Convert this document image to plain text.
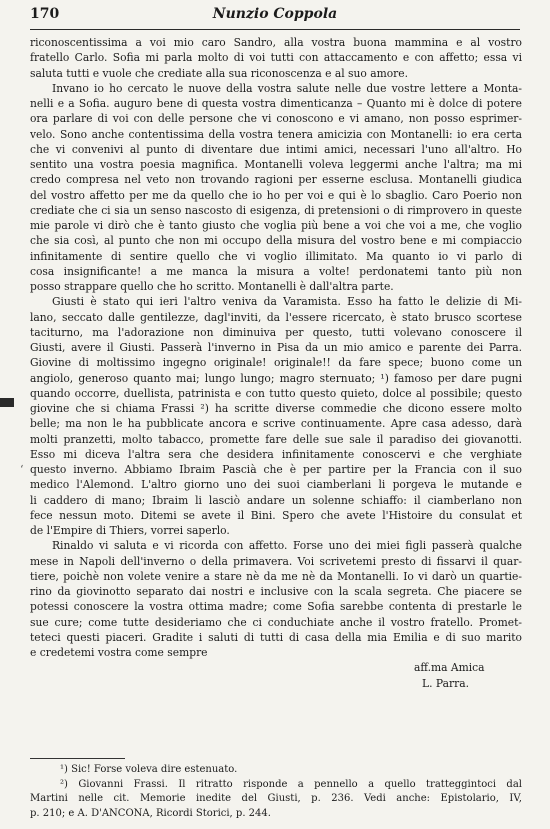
170	Nunzio Coppola
ʻ
riconoscentissima a voi mio caro Sandro, alla vostra buona mammina e al vostro
fratello Carlo. Sofia mi parla molto di voi tutti con attaccamento e con affetto; essa vi
saluta tutti e vuole che crediate alla sua riconoscenza e al suo amore.
Invano io ho cercato le nuove della vostra salute nelle due vostre lettere a Monta-
nelli e a Sofia. auguro bene di questa vostra dimenticanza – Quanto mi è dolce di potere
ora parlare di voi con delle persone che vi conoscono e vi amano, non posso esprimer-
velo. Sono anche contentissima della vostra tenera amicizia con Montanelli: io era certa
che vi convenivi al punto di diventare due intimi amici, necessari l'uno all'altro. Ho
sentito una vostra poesia magnifica. Montanelli voleva leggermi anche l'altra; ma mi
credo compresa nel veto non trovando ragioni per esserne esclusa. Montanelli giudica
del vostro affetto per me da quello che io ho per voi e qui è lo sbaglio. Caro Poerio non
crediate che ci sia un senso nascosto di esigenza, di pretensioni o di rimprovero in queste
mie parole vi dirò che è tanto giusto che voglia più bene a voi che voi a me, che voglio
che sia così, al punto che non mi occupo della misura del vostro bene e mi compiaccio
infinitamente di sentire quello che vi voglio illimitato. Ma quanto io vi parlo di
cosa insignificante! a me manca la misura a volte! perdonatemi tanto più non
posso strappare quello che ho scritto. Montanelli è dall'altra parte.
Giusti è stato qui ieri l'altro veniva da Varamista. Esso ha fatto le delizie di Mi-
lano, seccato dalle gentilezze, dagl'inviti, da l'essere ricercato, è stato brusco scortese
taciturno, ma l'adorazione non diminuiva per questo, tutti volevano conoscere il
Giusti, avere il Giusti. Passerà l'inverno in Pisa da un mio amico e parente dei Parra.
Giovine di moltissimo ingegno originale! originale!! da fare spece; buono come un
angiolo, generoso quanto mai; lungo lungo; magro sternuato; ¹) famoso per dare pugni
quando occorre, duellista, patrinista e con tutto questo quieto, dolce al possibile; questo
giovine che si chiama Frassi ²) ha scritte diverse commedie che dicono essere molto
belle; ma non le ha pubblicate ancora e scrive continuamente. Apre casa adesso, darà
molti pranzetti, molto tabacco, promette fare delle sue sale il paradiso dei giovanotti.
Esso mi diceva l'altra sera che desidera infinitamente conoscervi e che verghiate
questo inverno. Abbiamo Ibraim Pascià che è per partire per la Francia con il suo
medico l'Alemond. L'altro giorno uno dei suoi ciamberlani li porgeva le mutande e
li caddero di mano; Ibraim li lasciò andare un solenne schiaffo: il ciamberlano non
fece nessun moto. Ditemi se avete il Bini. Spero che avete l'Histoire du consulat et
de l'Empire di Thiers, vorrei saperlo.
Rinaldo vi saluta e vi ricorda con affetto. Forse uno dei miei figli passerà qualche
mese in Napoli dell'inverno o della primavera. Voi scrivetemi presto di fissarvi il quar-
tiere, poichè non volete venire a stare nè da me nè da Montanelli. Io vi darò un quartie-
rino da giovinotto separato dai nostri e inclusive con la scala segreta. Che piacere se
potessi conoscere la vostra ottima madre; come Sofia sarebbe contenta di prestarle le
sue cure; come tutte desideriamo che ci conduchiate anche il vostro fratello. Promet-
teteci questi piaceri. Gradite i saluti di tutti di casa della mia Emilia e di suo marito
e credetemi vostra come sempre
aff.ma Amica
L. Parra.
¹) Sic! Forse voleva dire estenuato.
²) Giovanni Frassi. Il ritratto risponde a pennello a quello tratteggintoci dal
Martini nelle cit. Memorie inedite del Giusti, p. 236. Vedi anche: Epistolario, IV,
p. 210; e A. D'ANCONA, Ricordi Storici, p. 244.
